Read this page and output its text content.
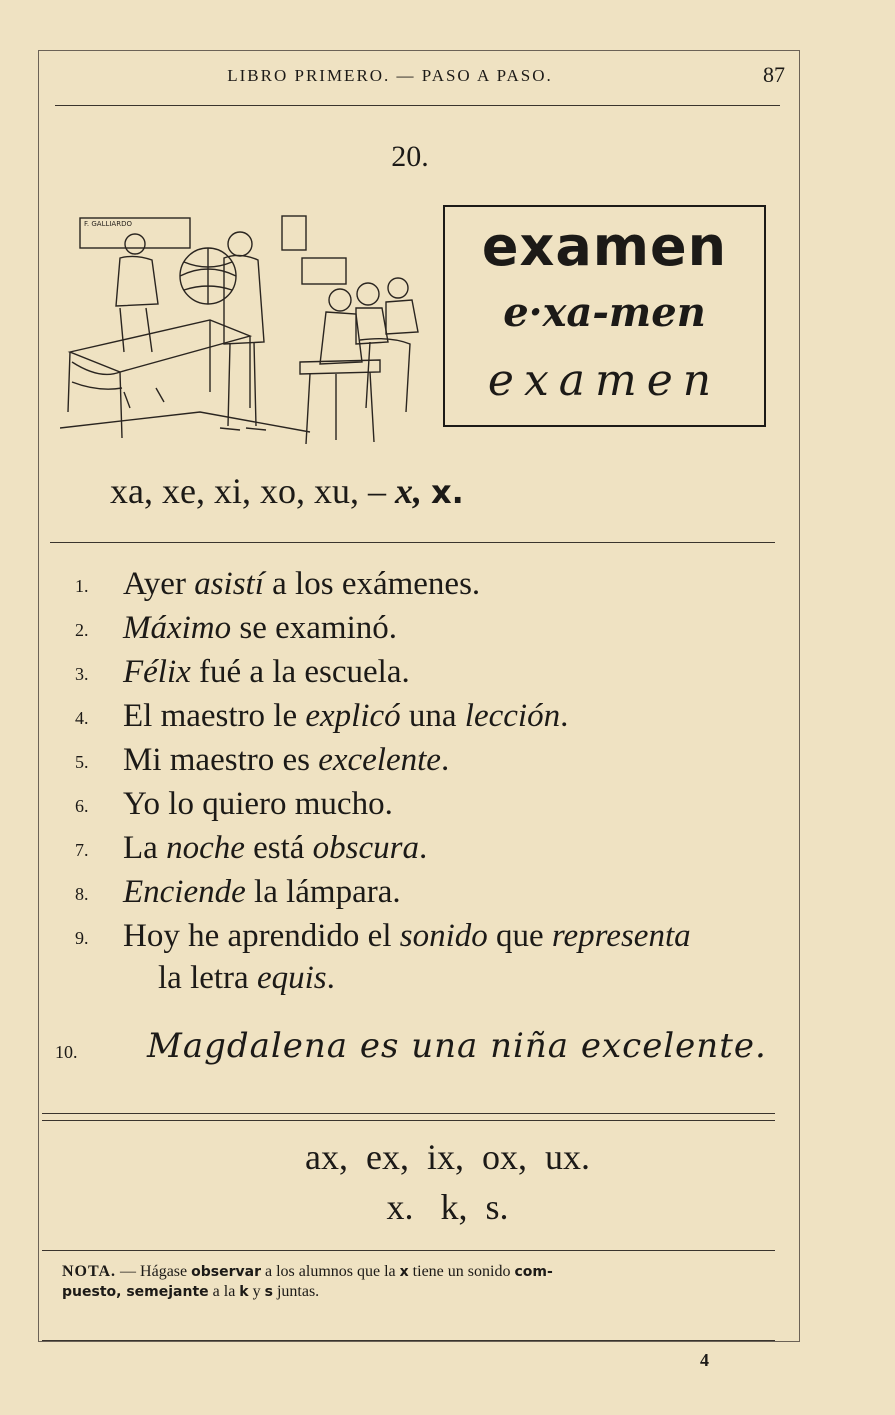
LIBRO PRIMERO. — PASO A PASO.	87
20.
F. GALLIARDO	examen
e·xa-men
examen
xa, xe, xi, xo, xu, – x, x.
1. Ayer asistí a los exámenes.
2. Máximo se examinó.
3. Félix fué a la escuela.
4. El maestro le explicó una lección.
5. Mi maestro es excelente.
6. Yo lo quiero mucho.
7. La noche está obscura.
8. Enciende la lámpara.
9. Hoy he aprendido el sonido que representa
la letra equis.
10. Magdalena es una niña excelente.
ax,  ex,  ix,  ox,  ux.
x.   k,  s.
NOTA. — Hágase observar a los alumnos que la x tiene un sonido com-
puesto, semejante a la k y s juntas.
4
